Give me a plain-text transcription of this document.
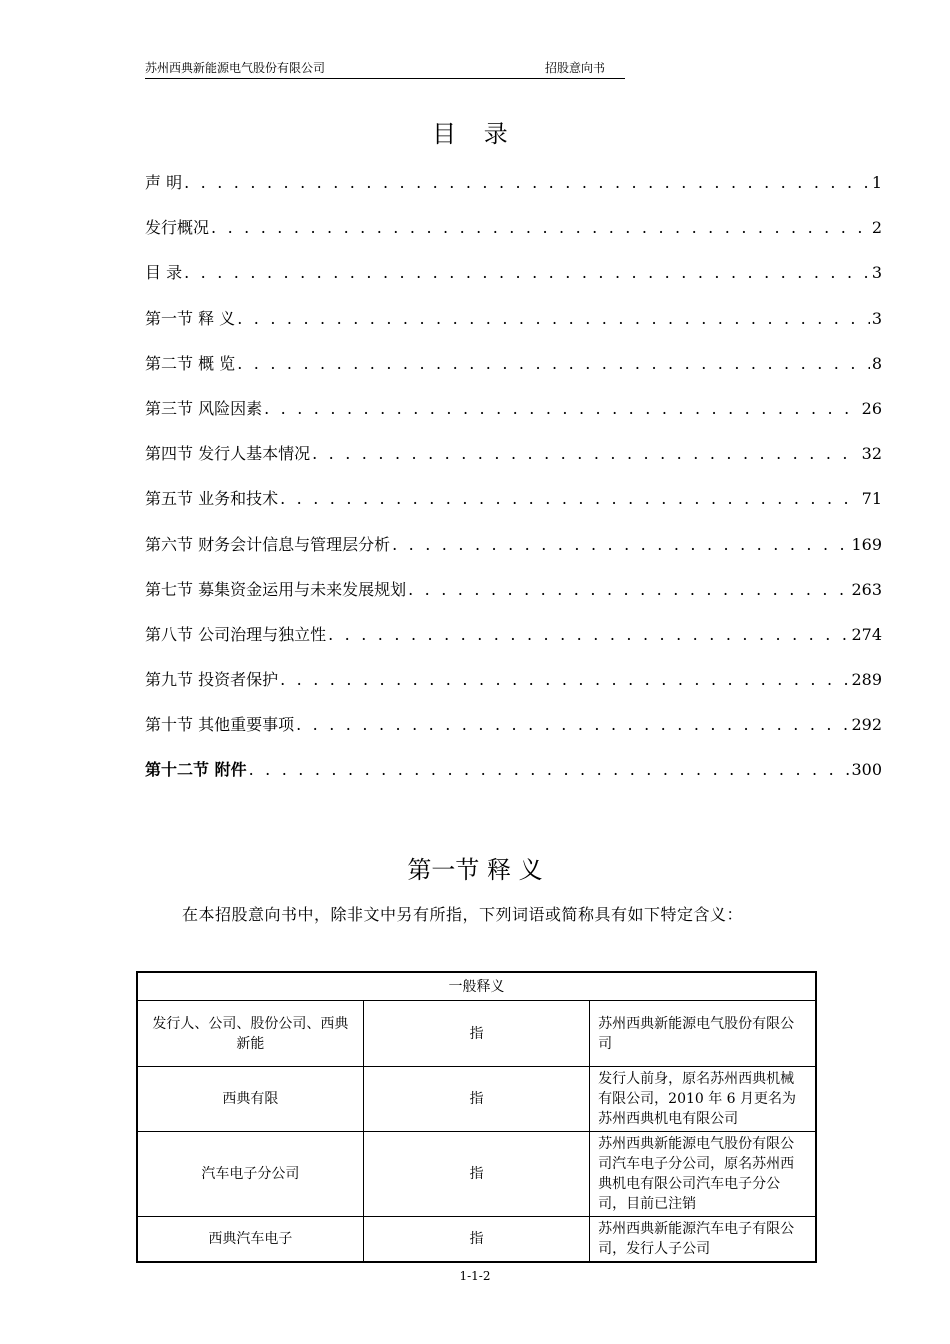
苏州西典新能源电气股份有限公司	招股意向书
目 录
声 明 . . .	1
发行概况 . . .	2
目 录 . . .	3
第一节 释 义 . . .	3
第二节 概 览 . . .	8
第三节 风险因素 . . .	26
第四节 发行人基本情况 . . .	32
第五节 业务和技术 . . .	71
第六节 财务会计信息与管理层分析 . . .	169
第七节 募集资金运用与未来发展规划 . . .	263
第八节 公司治理与独立性 . . .	274
第九节 投资者保护 . . .	289
第十节 其他重要事项 . . .	292
第十二节 附件 . . .	300
第一节 释 义
在本招股意向书中，除非文中另有所指，下列词语或简称具有如下特定含义：
一般释义		
发行人、公司、股份公司、西典新能	指	苏州西典新能源电气股份有限公司
西典有限	指	发行人前身，原名苏州西典机械有限公司，2010 年 6 月更名为苏州西典机电有限公司
汽车电子分公司	指	苏州西典新能源电气股份有限公司汽车电子分公司，原名苏州西典机电有限公司汽车电子分公司，目前已注销
西典汽车电子	指	苏州西典新能源汽车电子有限公司，发行人子公司
1-1-2
